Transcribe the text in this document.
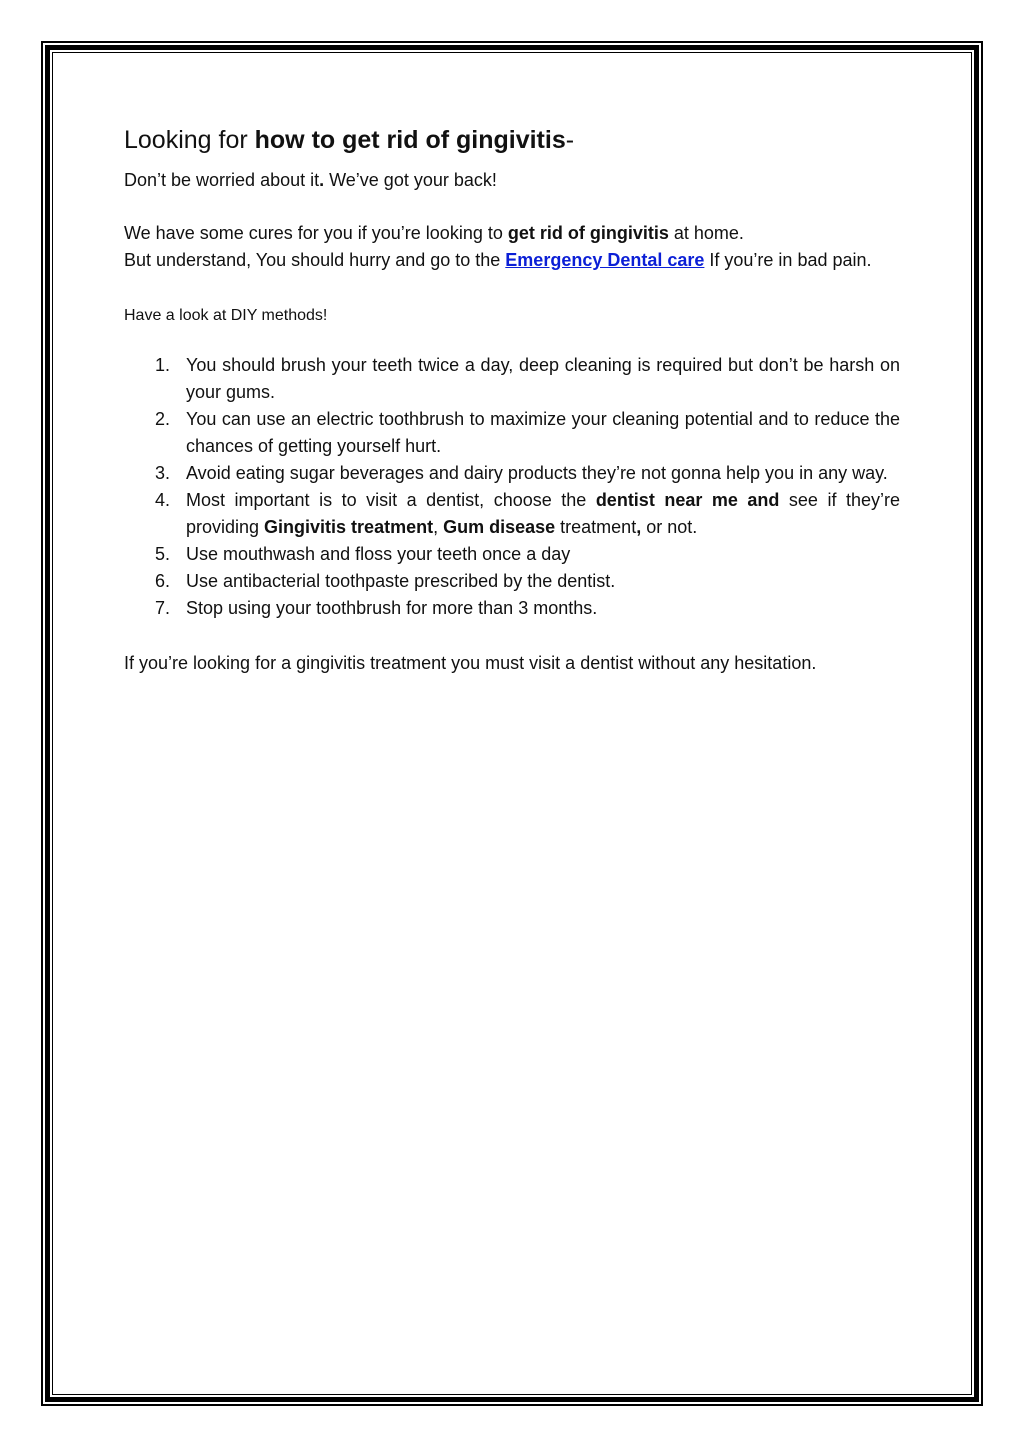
Looking for how to get rid of gingivitis-

Don’t be worried about it. We’ve got your back!

We have some cures for you if you’re looking to get rid of gingivitis at home.
But understand, You should hurry and go to the Emergency Dental care If you’re in bad pain.

Have a look at DIY methods!

1. You should brush your teeth twice a day, deep cleaning is required but don’t be harsh on your gums.
2. You can use an electric toothbrush to maximize your cleaning potential and to reduce the chances of getting yourself hurt.
3. Avoid eating sugar beverages and dairy products they’re not gonna help you in any way.
4. Most important is to visit a dentist, choose the dentist near me and see if they’re providing Gingivitis treatment, Gum disease treatment, or not.
5. Use mouthwash and floss your teeth once a day
6. Use antibacterial toothpaste prescribed by the dentist.
7. Stop using your toothbrush for more than 3 months.

If you’re looking for a gingivitis treatment you must visit a dentist without any hesitation.
